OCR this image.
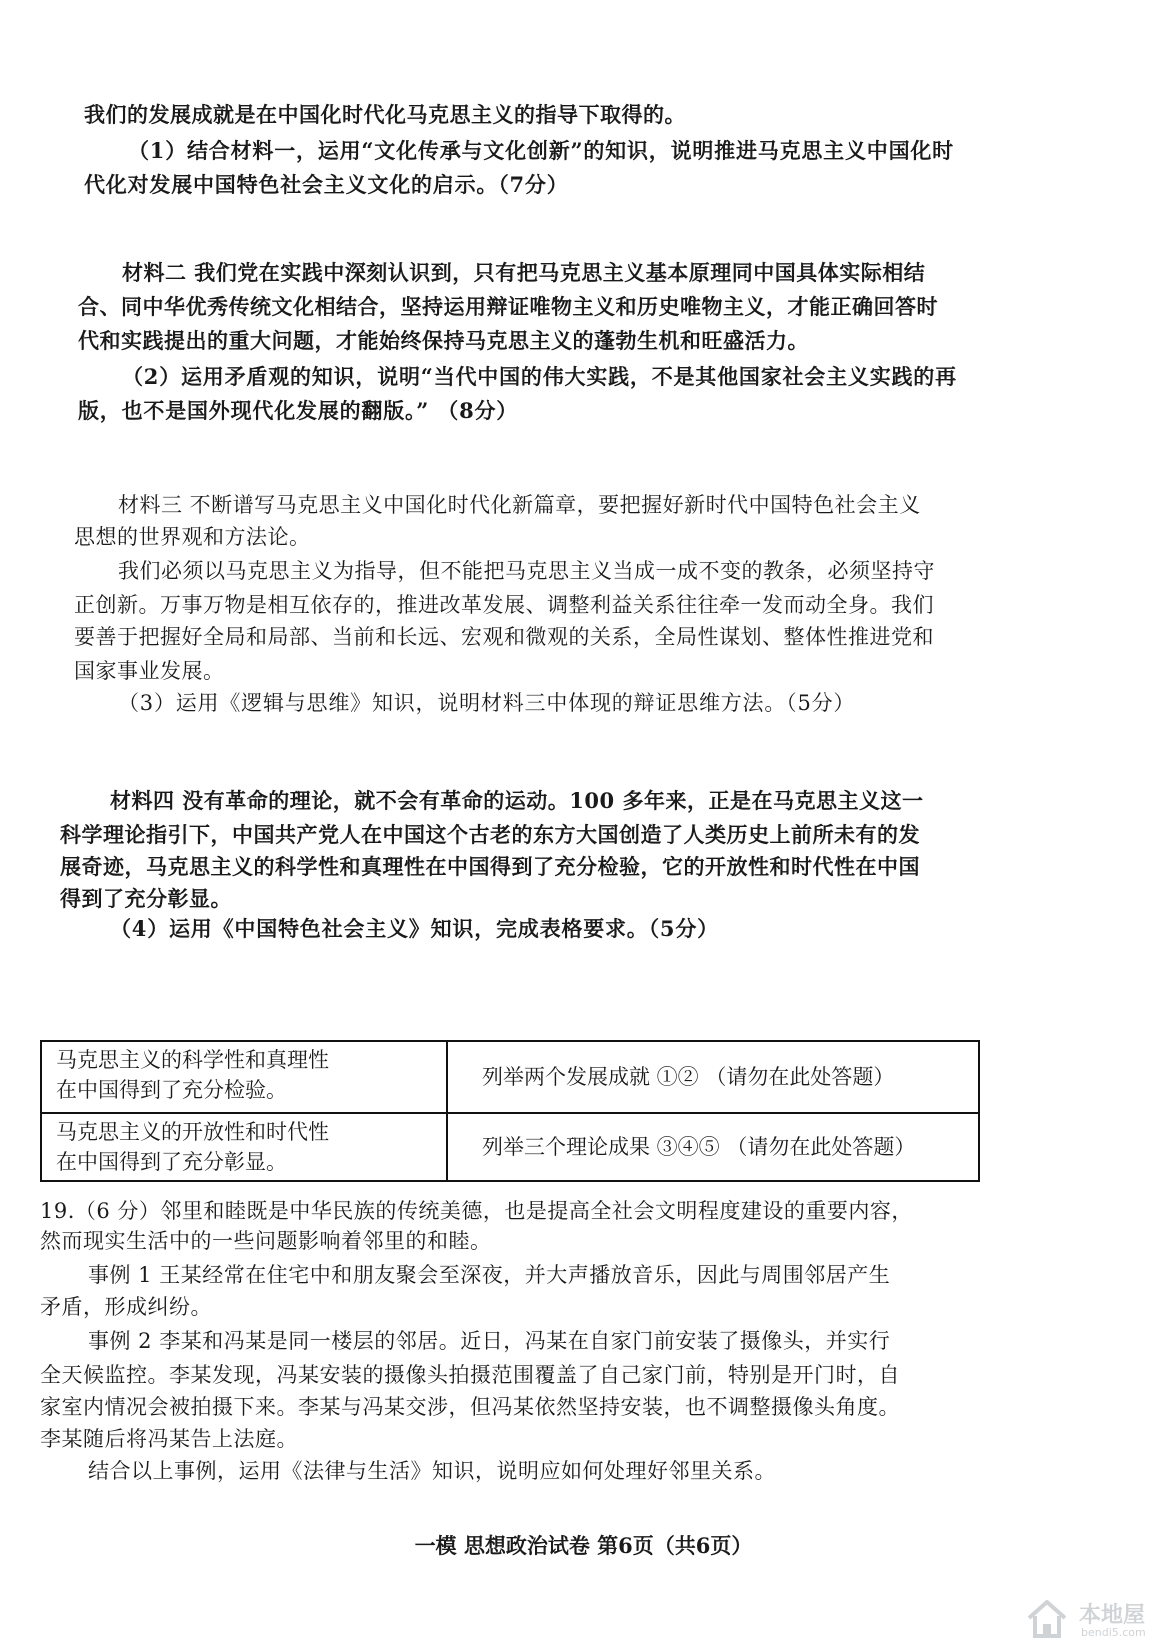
我们的发展成就是在中国化时代化马克思主义的指导下取得的。
（1）结合材料一，运用“文化传承与文化创新”的知识，说明推进马克思主义中国化时
代化对发展中国特色社会主义文化的启示。（7分）
材料二 我们党在实践中深刻认识到，只有把马克思主义基本原理同中国具体实际相结
合、同中华优秀传统文化相结合，坚持运用辩证唯物主义和历史唯物主义，才能正确回答时
代和实践提出的重大问题，才能始终保持马克思主义的蓬勃生机和旺盛活力。
（2）运用矛盾观的知识，说明“当代中国的伟大实践，不是其他国家社会主义实践的再
版，也不是国外现代化发展的翻版。” （8分）
材料三 不断谱写马克思主义中国化时代化新篇章，要把握好新时代中国特色社会主义
思想的世界观和方法论。
我们必须以马克思主义为指导，但不能把马克思主义当成一成不变的教条，必须坚持守
正创新。万事万物是相互依存的，推进改革发展、调整利益关系往往牵一发而动全身。我们
要善于把握好全局和局部、当前和长远、宏观和微观的关系，全局性谋划、整体性推进党和
国家事业发展。
（3）运用《逻辑与思维》知识，说明材料三中体现的辩证思维方法。（5分）
材料四 没有革命的理论，就不会有革命的运动。100 多年来，正是在马克思主义这一
科学理论指引下，中国共产党人在中国这个古老的东方大国创造了人类历史上前所未有的发
展奇迹，马克思主义的科学性和真理性在中国得到了充分检验，它的开放性和时代性在中国
得到了充分彰显。
（4）运用《中国特色社会主义》知识，完成表格要求。（5分）
马克思主义的科学性和真理性
在中国得到了充分检验。
列举两个发展成就 ①② （请勿在此处答题）
马克思主义的开放性和时代性
在中国得到了充分彰显。
列举三个理论成果 ③④⑤ （请勿在此处答题）
19.（6 分）邻里和睦既是中华民族的传统美德，也是提高全社会文明程度建设的重要内容，
然而现实生活中的一些问题影响着邻里的和睦。
事例 1 王某经常在住宅中和朋友聚会至深夜，并大声播放音乐，因此与周围邻居产生
矛盾，形成纠纷。
事例 2 李某和冯某是同一楼层的邻居。近日，冯某在自家门前安装了摄像头，并实行
全天候监控。李某发现，冯某安装的摄像头拍摄范围覆盖了自己家门前，特别是开门时，自
家室内情况会被拍摄下来。李某与冯某交涉，但冯某依然坚持安装，也不调整摄像头角度。
李某随后将冯某告上法庭。
结合以上事例，运用《法律与生活》知识，说明应如何处理好邻里关系。
一模 思想政治试卷 第6页（共6页）
本地屋
bendi5.com
